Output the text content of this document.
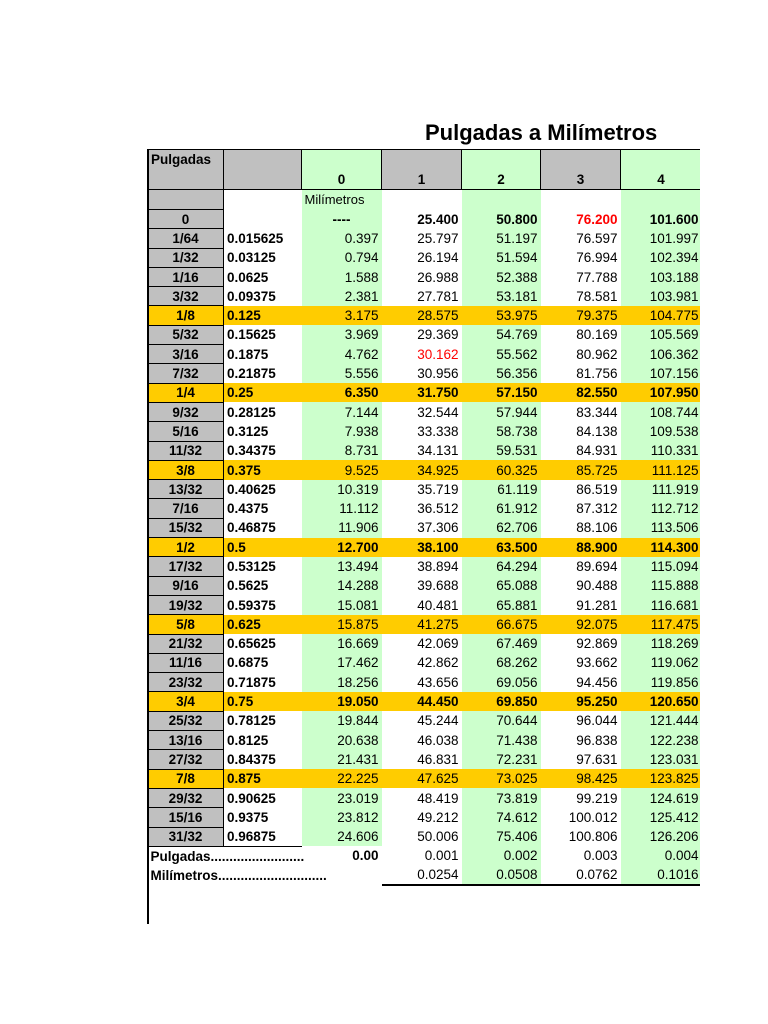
Pulgadas a Milímetros
Pulgadas		0	1	2	3	4
		Milímetros				
0		----	25.400	50.800	76.200	101.600
1/64	0.015625	0.397	25.797	51.197	76.597	101.997
1/32	0.03125	0.794	26.194	51.594	76.994	102.394
1/16	0.0625	1.588	26.988	52.388	77.788	103.188
3/32	0.09375	2.381	27.781	53.181	78.581	103.981
1/8	0.125	3.175	28.575	53.975	79.375	104.775
5/32	0.15625	3.969	29.369	54.769	80.169	105.569
3/16	0.1875	4.762	30.162	55.562	80.962	106.362
7/32	0.21875	5.556	30.956	56.356	81.756	107.156
1/4	0.25	6.350	31.750	57.150	82.550	107.950
9/32	0.28125	7.144	32.544	57.944	83.344	108.744
5/16	0.3125	7.938	33.338	58.738	84.138	109.538
11/32	0.34375	8.731	34.131	59.531	84.931	110.331
3/8	0.375	9.525	34.925	60.325	85.725	111.125
13/32	0.40625	10.319	35.719	61.119	86.519	111.919
7/16	0.4375	11.112	36.512	61.912	87.312	112.712
15/32	0.46875	11.906	37.306	62.706	88.106	113.506
1/2	0.5	12.700	38.100	63.500	88.900	114.300
17/32	0.53125	13.494	38.894	64.294	89.694	115.094
9/16	0.5625	14.288	39.688	65.088	90.488	115.888
19/32	0.59375	15.081	40.481	65.881	91.281	116.681
5/8	0.625	15.875	41.275	66.675	92.075	117.475
21/32	0.65625	16.669	42.069	67.469	92.869	118.269
11/16	0.6875	17.462	42.862	68.262	93.662	119.062
23/32	0.71875	18.256	43.656	69.056	94.456	119.856
3/4	0.75	19.050	44.450	69.850	95.250	120.650
25/32	0.78125	19.844	45.244	70.644	96.044	121.444
13/16	0.8125	20.638	46.038	71.438	96.838	122.238
27/32	0.84375	21.431	46.831	72.231	97.631	123.031
7/8	0.875	22.225	47.625	73.025	98.425	123.825
29/32	0.90625	23.019	48.419	73.819	99.219	124.619
15/16	0.9375	23.812	49.212	74.612	100.012	125.412
31/32	0.96875	24.606	50.006	75.406	100.806	126.206
Pulgadas.........................		0.00	0.001	0.002	0.003	0.004
Milímetros.............................			0.0254	0.0508	0.0762	0.1016
